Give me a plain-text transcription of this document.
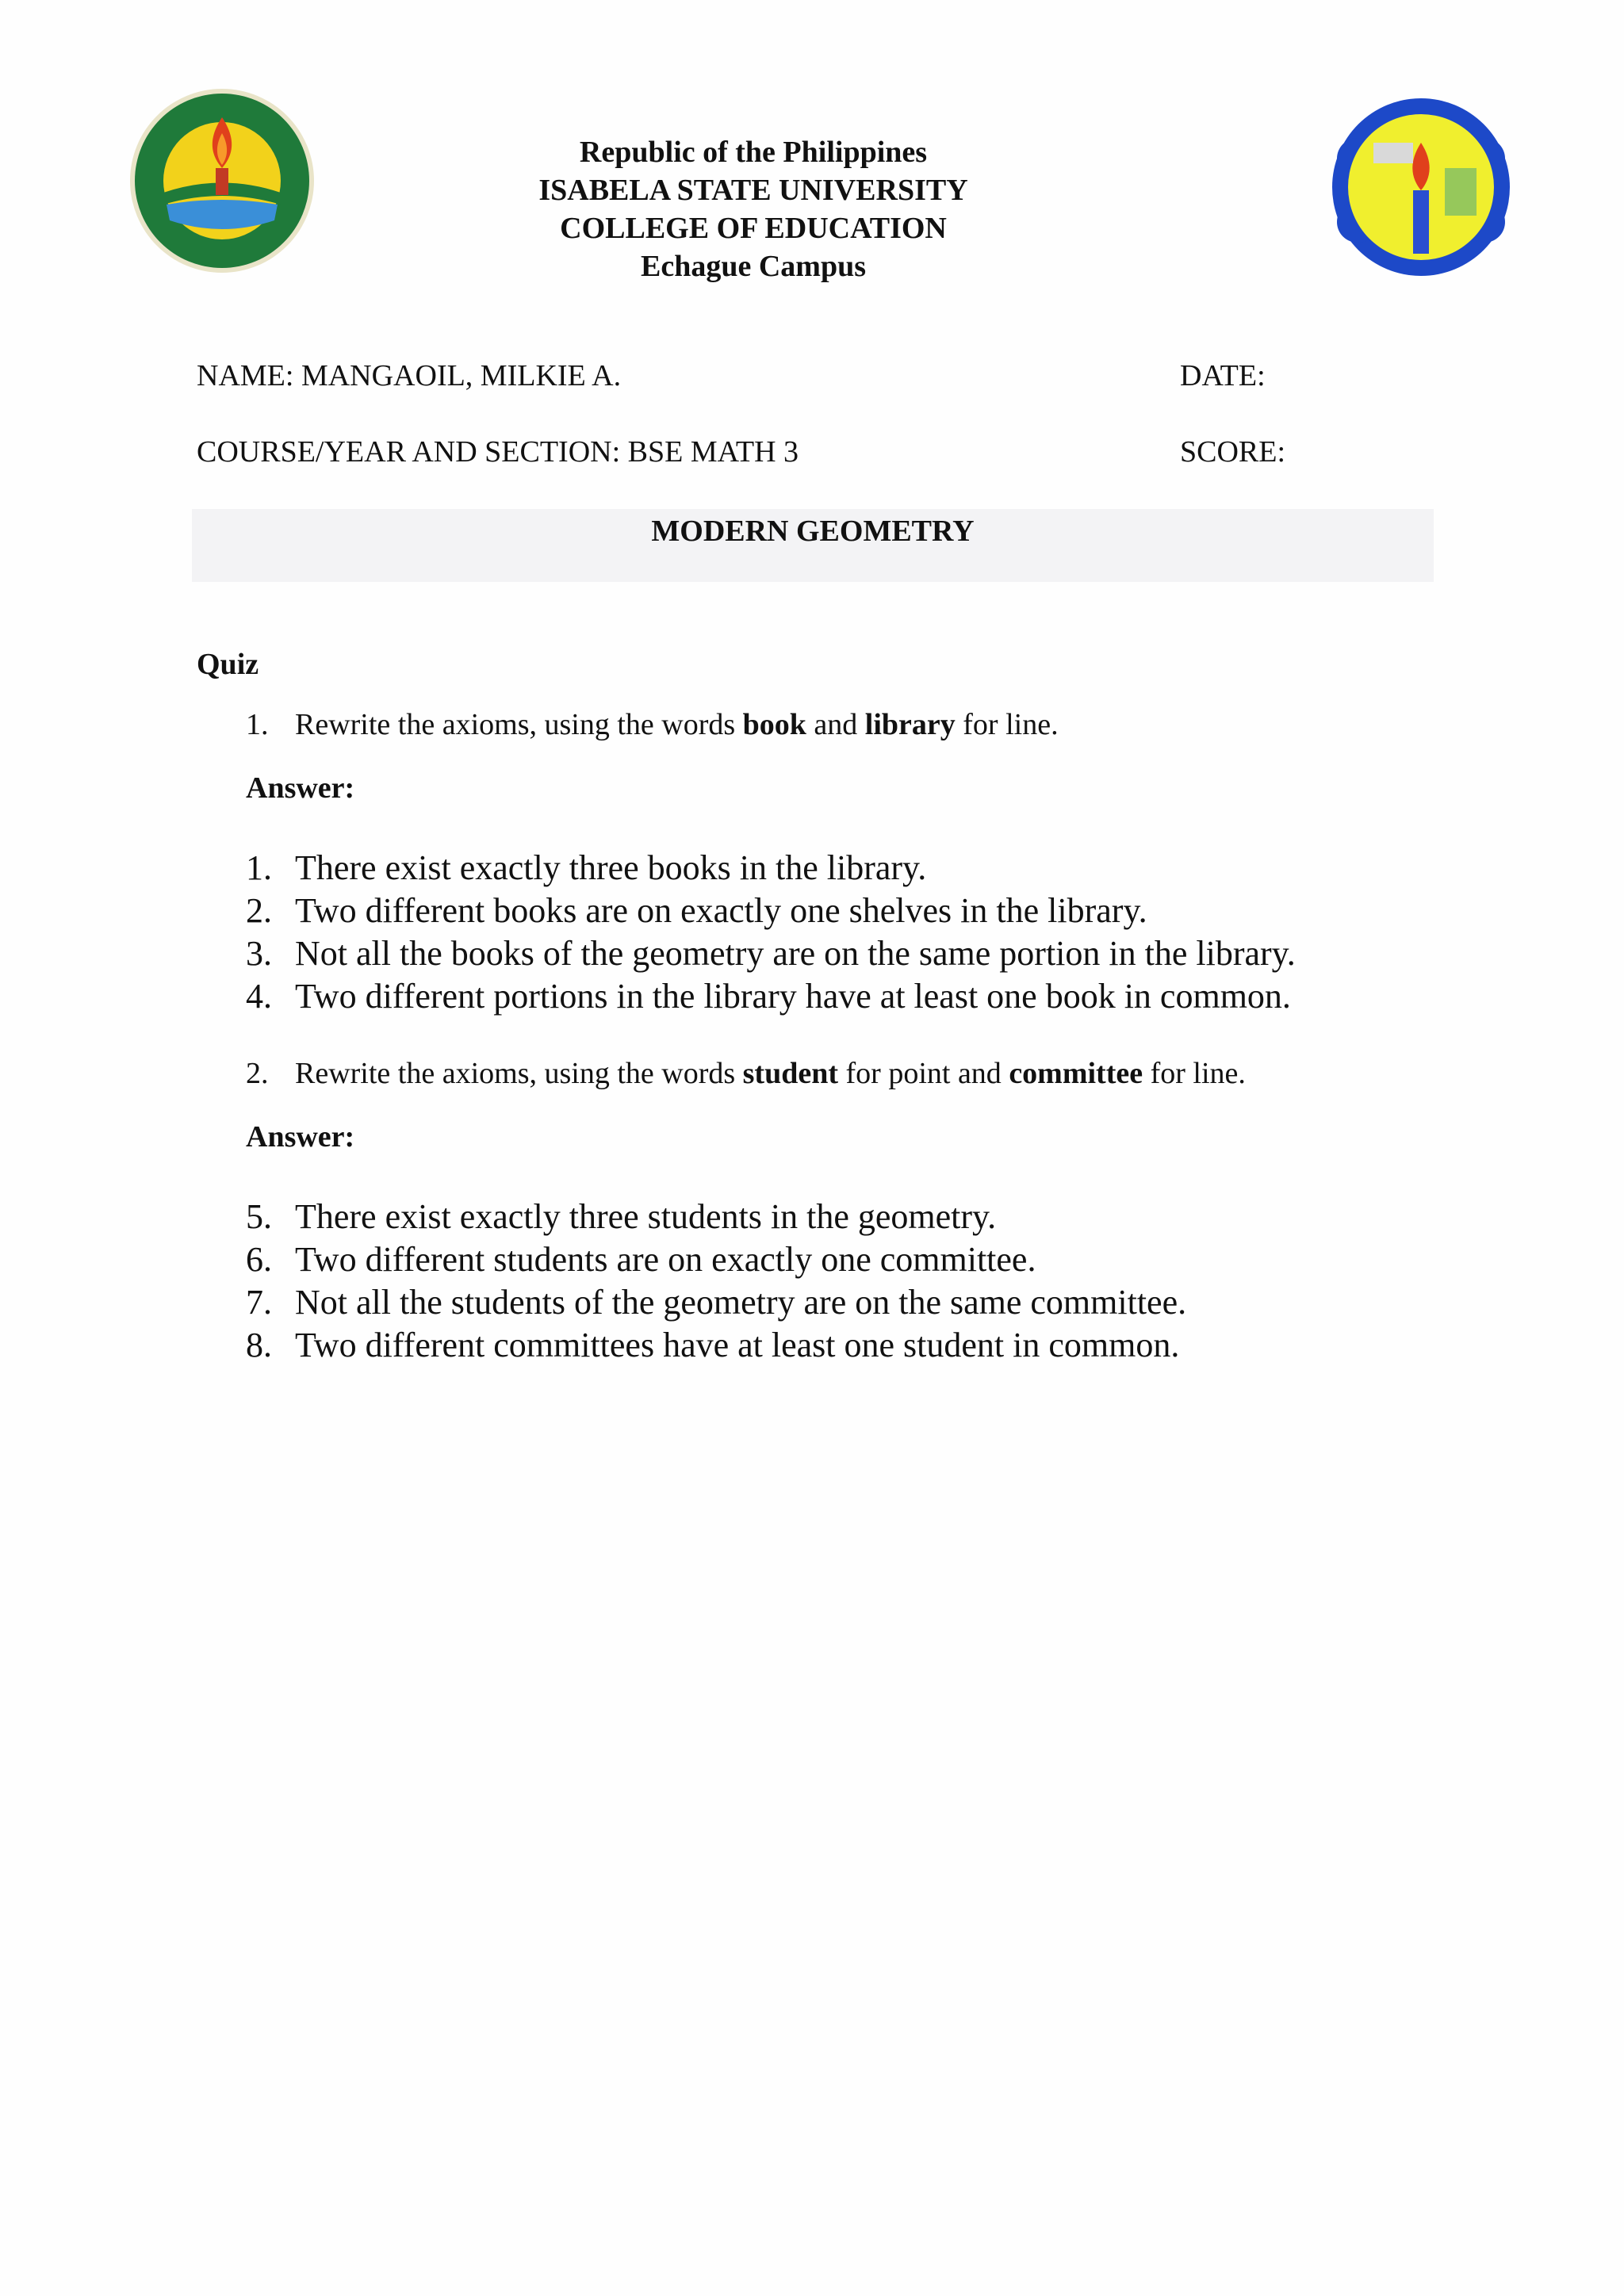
Republic of the Philippines
ISABELA STATE UNIVERSITY
COLLEGE OF EDUCATION
Echague Campus
NAME: MANGAOIL, MILKIE A.	DATE:
COURSE/YEAR AND SECTION: BSE MATH 3	SCORE:
MODERN GEOMETRY
Quiz
1. Rewrite the axioms, using the words book and library for line.
Answer:
1. There exist exactly three books in the library.
2. Two different books are on exactly one shelves in the library.
3. Not all the books of the geometry are on the same portion in the library.
4. Two different portions in the library have at least one book in common.
2. Rewrite the axioms, using the words student for point and committee for line.
Answer:
5. There exist exactly three students in the geometry.
6. Two different students are on exactly one committee.
7. Not all the students of the geometry are on the same committee.
8. Two different committees have at least one student in common.
